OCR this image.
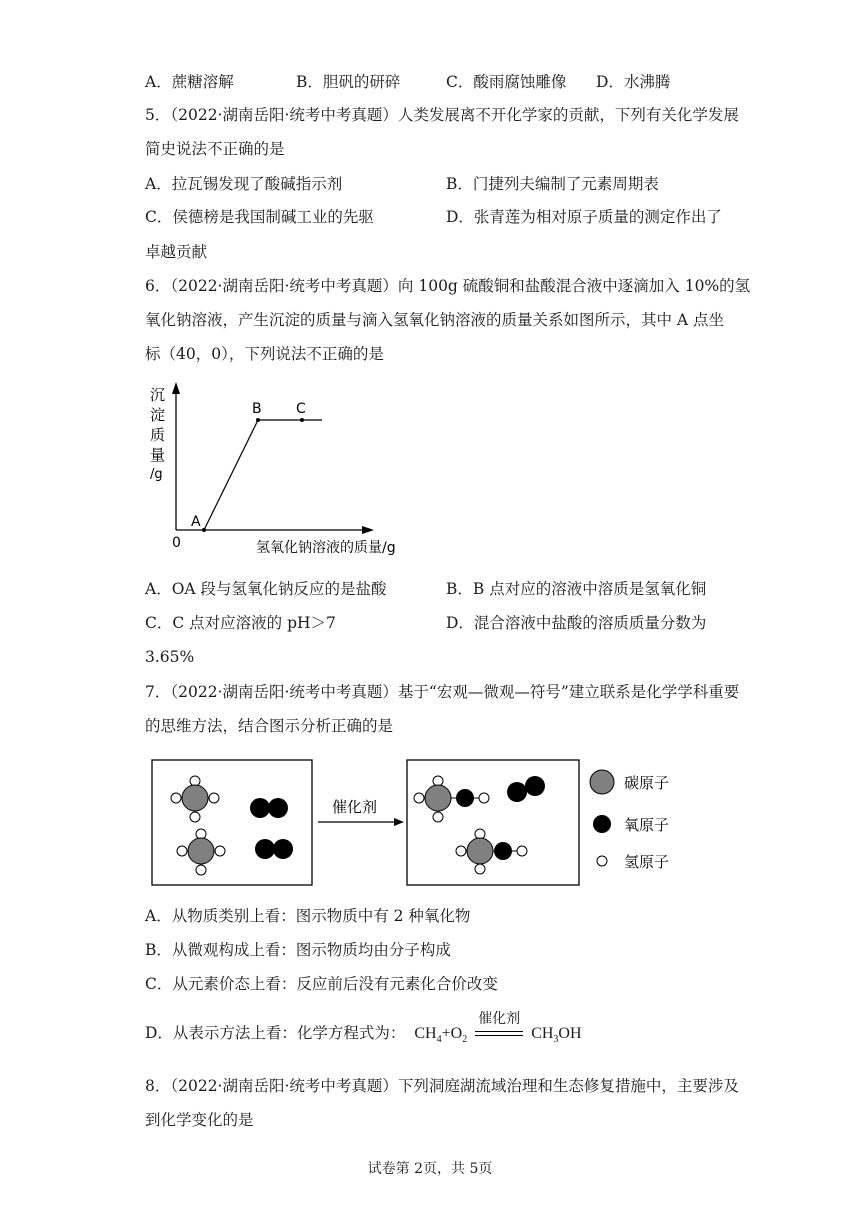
A．蔗糖溶解	B．胆矾的研碎	C．酸雨腐蚀雕像 D．水沸腾
5．（2022·湖南岳阳·统考中考真题）人类发展离不开化学家的贡献，下列有关化学发展
简史说法不正确的是
A．拉瓦锡发现了酸碱指示剂	B．门捷列夫编制了元素周期表
C．侯德榜是我国制碱工业的先驱	D．张青莲为相对原子质量的测定作出了
卓越贡献
6．（2022·湖南岳阳·统考中考真题）向 100g 硫酸铜和盐酸混合液中逐滴加入 10%的氢
氧化钠溶液，产生沉淀的质量与滴入氢氧化钠溶液的质量关系如图所示，其中 A 点坐
标（40，0），下列说法不正确的是
沉
淀
质
量
/g
0	氢氧化钠溶液的质量/g
A
B C
A．OA 段与氢氧化钠反应的是盐酸	B．B 点对应的溶液中溶质是氢氧化铜
C．C 点对应溶液的 pH＞7	D．混合溶液中盐酸的溶质质量分数为
3.65%
7．（2022·湖南岳阳·统考中考真题）基于“宏观—微观—符号”建立联系是化学学科重要
的思维方法，结合图示分析正确的是
催化剂
碳原子
氧原子
氢原子
A．从物质类别上看：图示物质中有 2 种氧化物
B．从微观构成上看：图示物质均由分子构成
C．从元素价态上看：反应前后没有元素化合价改变
D．从表示方法上看：化学方程式为： $CH_4+O_2$
催化剂
$CH_3OH$
8．（2022·湖南岳阳·统考中考真题）下列洞庭湖流域治理和生态修复措施中，主要涉及
到化学变化的是
试卷第 2页，共 5页
